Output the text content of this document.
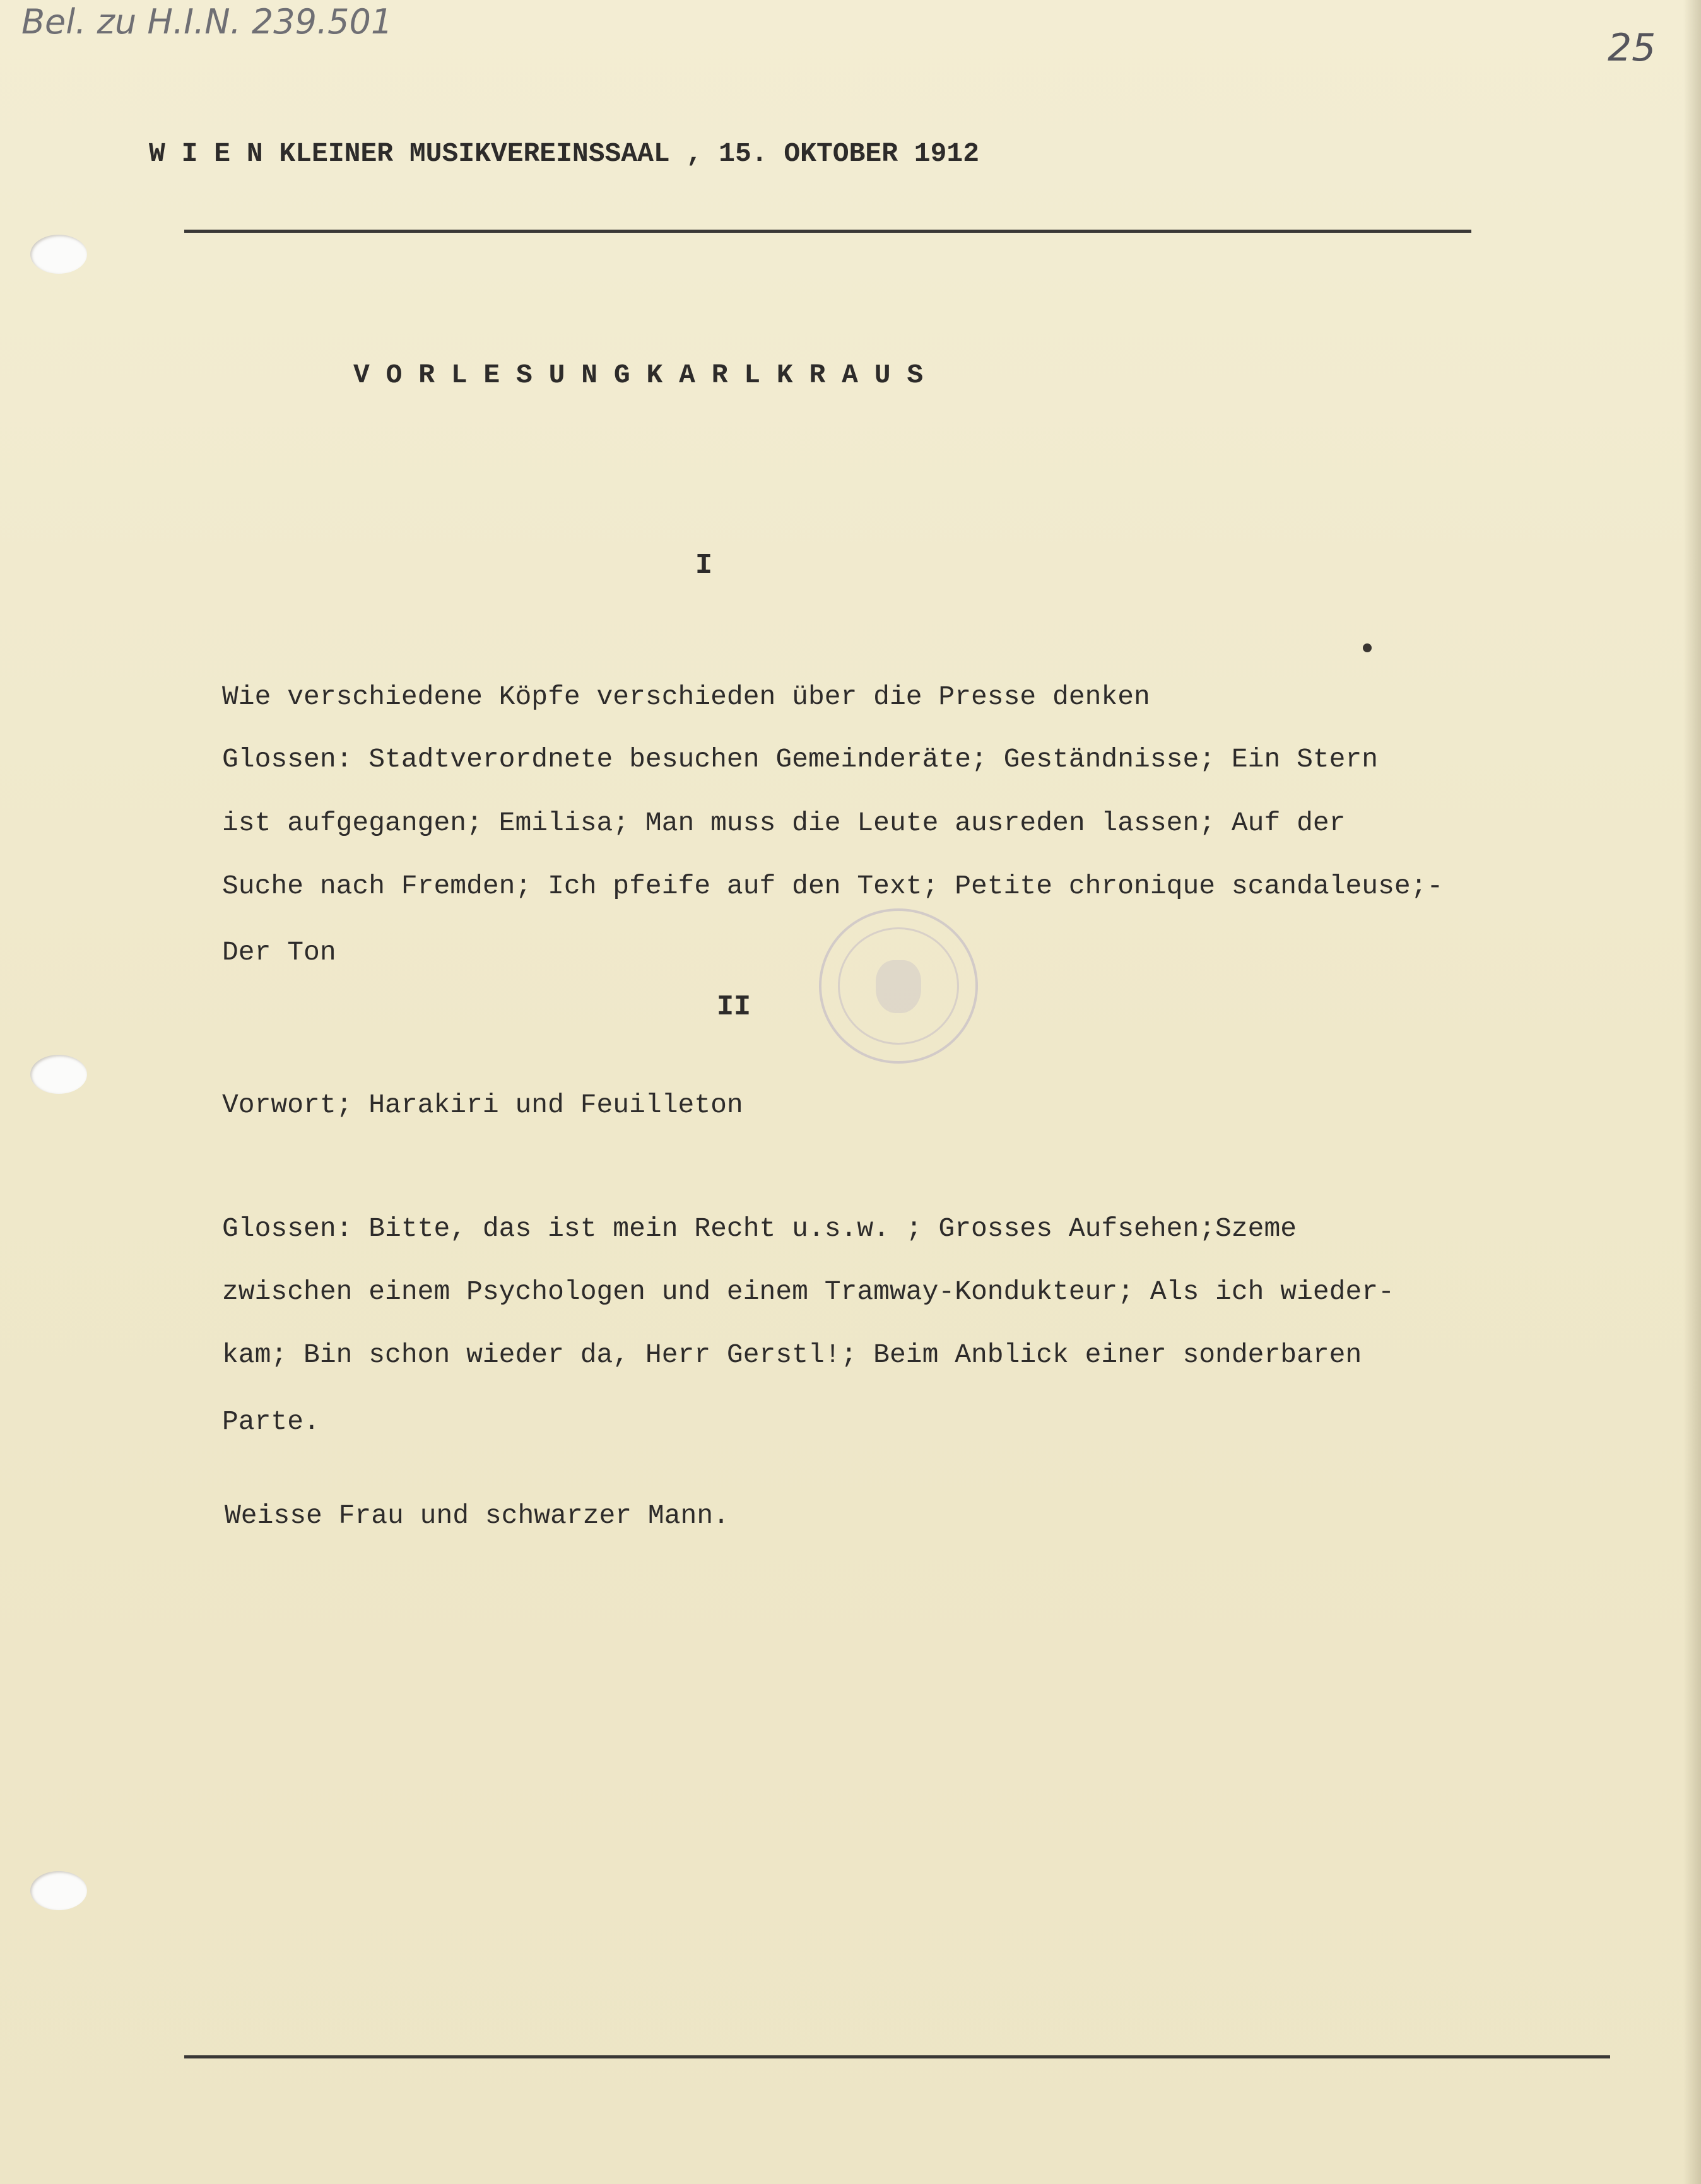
Bel. zu H.I.N. 239.501
25
W I E N KLEINER MUSIKVEREINSSAAL , 15. OKTOBER 1912
V O R L E S U N G K A R L K R A U S
I
Wie verschiedene Köpfe verschieden über die Presse denken
Glossen: Stadtverordnete besuchen Gemeinderäte; Geständnisse; Ein Stern
ist aufgegangen; Emilisa; Man muss die Leute ausreden lassen; Auf der
Suche nach Fremden; Ich pfeife auf den Text; Petite chronique scandaleuse;-
Der Ton
II
Vorwort; Harakiri und Feuilleton
Glossen: Bitte, das ist mein Recht u.s.w. ; Grosses Aufsehen;Szeme
zwischen einem Psychologen und einem Tramway-Kondukteur; Als ich wieder-
kam; Bin schon wieder da, Herr Gerstl!; Beim Anblick einer sonderbaren
Parte.
Weisse Frau und schwarzer Mann.
